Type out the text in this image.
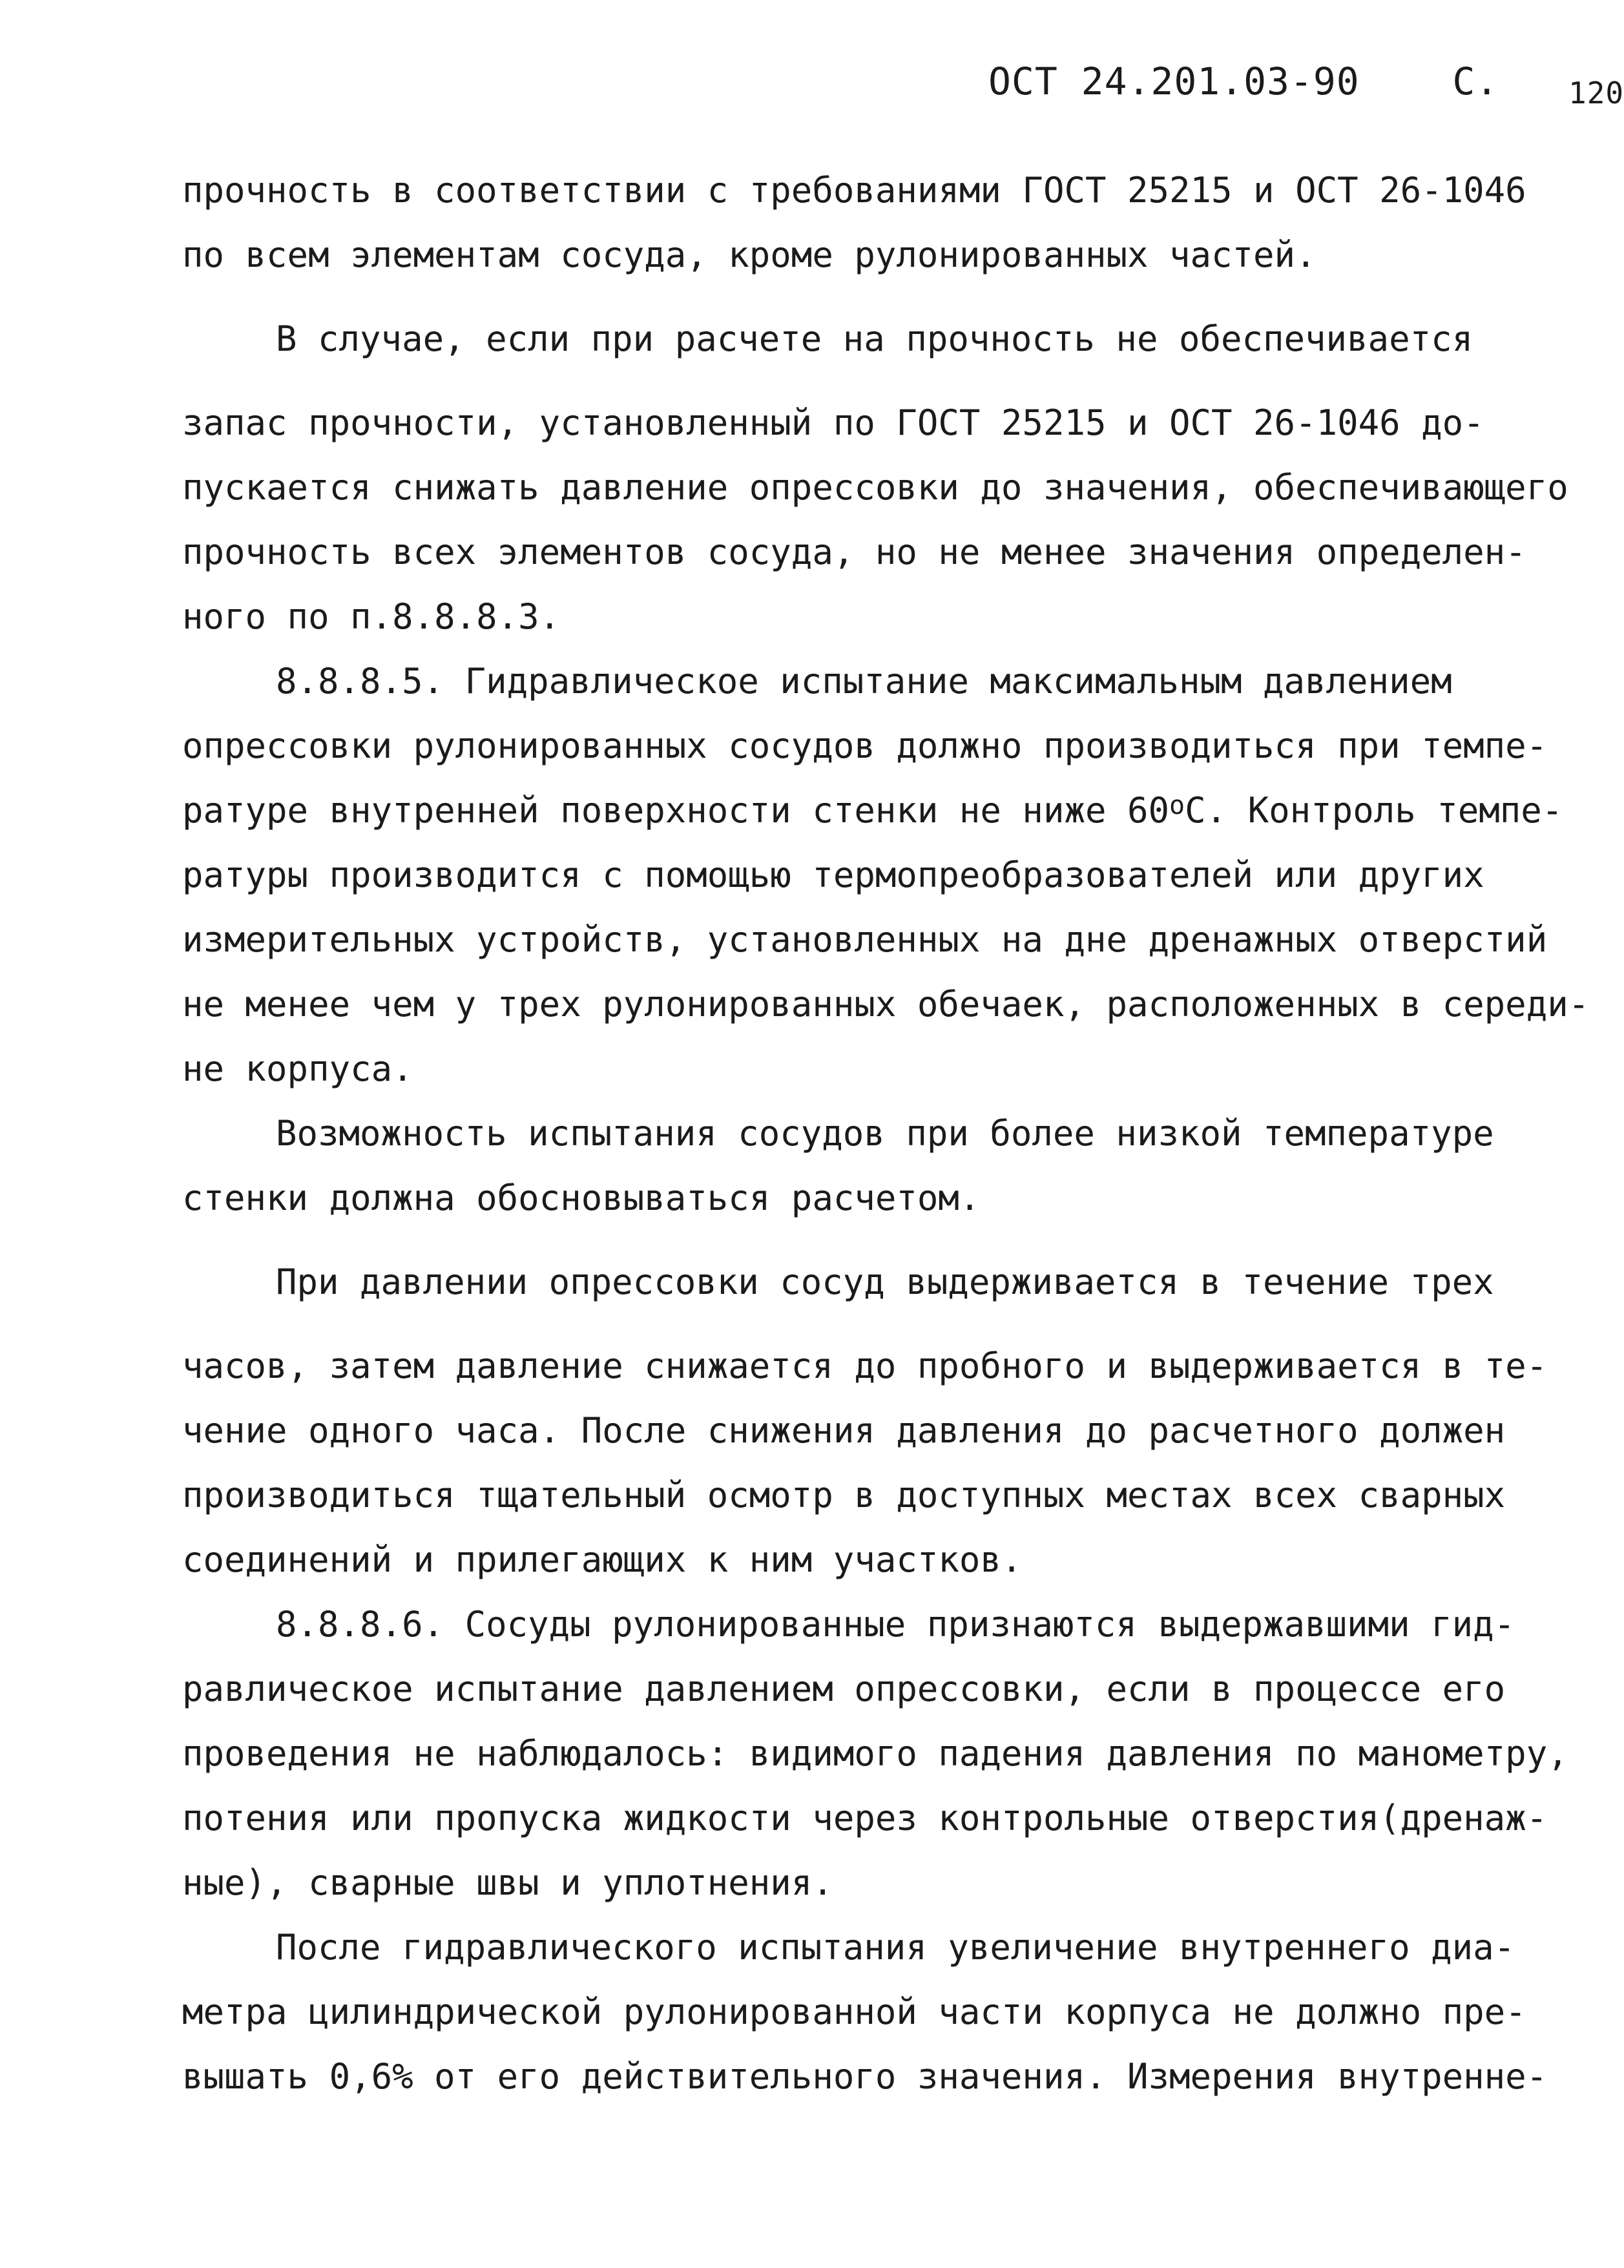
ОСТ 24.201.03-90 С. $_{120}$
прочность в соответствии с требованиями ГОСТ 25215 и ОСТ 26-1046
по всем элементам сосуда, кроме рулонированных частей.
В случае, если при расчете на прочность не обеспечивается
запас прочности, установленный по ГОСТ 25215 и ОСТ 26-1046 до-
пускается снижать давление опрессовки до значения, обеспечивающего
прочность всех элементов сосуда, но не менее значения определен-
ного по п.8.8.8.3.
8.8.8.5. Гидравлическое испытание максимальным давлением
опрессовки рулонированных сосудов должно производиться при темпе-
ратуре внутренней поверхности стенки не ниже $60^о$ С. Контроль темпе-
ратуры производится с помощью термопреобразователей или других
измерительных устройств, установленных на дне дренажных отверстий
не менее чем у трех рулонированных обечаек, расположенных в середи-
не корпуса.
Возможность испытания сосудов при более низкой температуре
стенки должна обосновываться расчетом.
При давлении опрессовки сосуд выдерживается в течение трех
часов, затем давление снижается до пробного и выдерживается в те-
чение одного часа. После снижения давления до расчетного должен
производиться тщательный осмотр в доступных местах всех сварных
соединений и прилегающих к ним участков.
8.8.8.6. Сосуды рулонированные признаются выдержавшими гид-
равлическое испытание давлением опрессовки, если в процессе его
проведения не наблюдалось: видимого падения давления по манометру,
потения или пропуска жидкости через контрольные отверстия(дренаж-
ные), сварные швы и уплотнения.
После гидравлического испытания увеличение внутреннего диа-
метра цилиндрической рулонированной части корпуса не должно пре-
вышать 0,6% от его действительного значения. Измерения внутренне-
